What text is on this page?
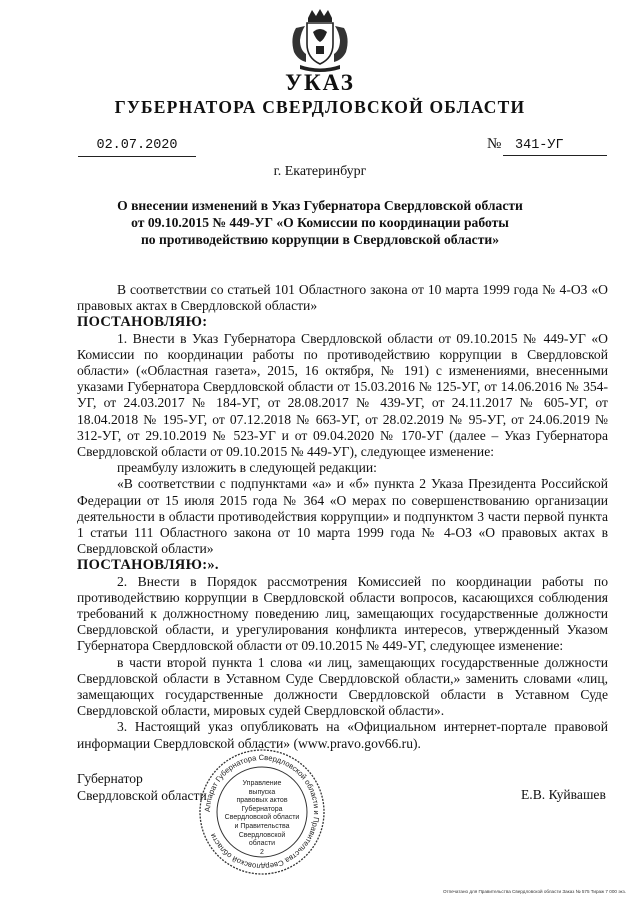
УКАЗ
ГУБЕРНАТОРА СВЕРДЛОВСКОЙ ОБЛАСТИ
02.07.2020	№	341-УГ
г. Екатеринбург
О внесении изменений в Указ Губернатора Свердловской области
от 09.10.2015 № 449-УГ «О Комиссии по координации работы
по противодействию коррупции в Свердловской области»

В соответствии со статьей 101 Областного закона от 10 марта 1999 года № 4-ОЗ «О правовых актах в Свердловской области»

ПОСТАНОВЛЯЮ:

1. Внести в Указ Губернатора Свердловской области от 09.10.2015 № 449-УГ «О Комиссии по координации работы по противодействию коррупции в Свердловской области» («Областная газета», 2015, 16 октября, № 191) с изменениями, внесенными указами Губернатора Свердловской области от 15.03.2016 № 125-УГ, от 14.06.2016 № 354-УГ, от 24.03.2017 № 184-УГ, от 28.08.2017 № 439-УГ, от 24.11.2017 № 605-УГ, от 18.04.2018 № 195-УГ, от 07.12.2018 № 663-УГ, от 28.02.2019 № 95-УГ, от 24.06.2019 № 312-УГ, от 29.10.2019 № 523-УГ и от 09.04.2020 № 170-УГ (далее – Указ Губернатора Свердловской области от 09.10.2015 № 449-УГ), следующее изменение:

преамбулу изложить в следующей редакции:

«В соответствии с подпунктами «а» и «б» пункта 2 Указа Президента Российской Федерации от 15 июля 2015 года № 364 «О мерах по совершенствованию организации деятельности в области противодействия коррупции» и подпунктом 3 части первой пункта 1 статьи 111 Областного закона от 10 марта 1999 года № 4-ОЗ «О правовых актах в Свердловской области»

ПОСТАНОВЛЯЮ:».

2. Внести в Порядок рассмотрения Комиссией по координации работы по противодействию коррупции в Свердловской области вопросов, касающихся соблюдения требований к должностному поведению лиц, замещающих государственные должности Свердловской области, и урегулирования конфликта интересов, утвержденный Указом Губернатора Свердловской области от 09.10.2015 № 449-УГ, следующее изменение:

в части второй пункта 1 слова «и лиц, замещающих государственные должности Свердловской области в Уставном Суде Свердловской области,» заменить словами «лиц, замещающих государственные должности Свердловской области в Уставном Суде Свердловской области, мировых судей Свердловской области».

3. Настоящий указ опубликовать на «Официальном интернет-портале правовой информации Свердловской области» (www.pravo.gov66.ru).

Губернатор
Свердловской области	Е.В. Куйвашев
Аппарат Губернатора Свердловской области и Правительства Свердловской области
Управление
выпуска
правовых актов
Губернатора
Свердловской области
и Правительства
Свердловской
области
2
Отпечатано для Правительства Свердловской области Заказ № 575 Тираж 7 000 экз.
